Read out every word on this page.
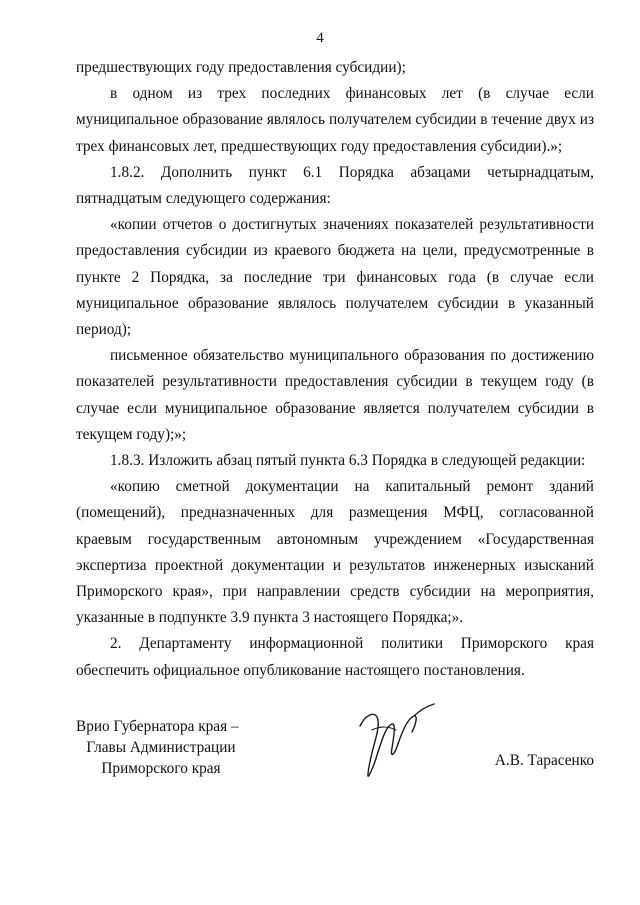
4

предшествующих году предоставления субсидии);

в одном из трех последних финансовых лет (в случае если муниципальное образование являлось получателем субсидии в течение двух из трех финансовых лет, предшествующих году предоставления субсидии).»;

1.8.2. Дополнить пункт 6.1 Порядка абзацами четырнадцатым, пятнадцатым следующего содержания:

«копии отчетов о достигнутых значениях показателей результативности предоставления субсидии из краевого бюджета на цели, предусмотренные в пункте 2 Порядка, за последние три финансовых года (в случае если муниципальное образование являлось получателем субсидии в указанный период);

письменное обязательство муниципального образования по достижению показателей результативности предоставления субсидии в текущем году (в случае если муниципальное образование является получателем субсидии в текущем году);»;

1.8.3. Изложить абзац пятый пункта 6.3 Порядка в следующей редакции:

«копию сметной документации на капитальный ремонт зданий (помещений), предназначенных для размещения МФЦ, согласованной краевым государственным автономным учреждением «Государственная экспертиза проектной документации и результатов инженерных изысканий Приморского края», при направлении средств субсидии на мероприятия, указанные в подпункте 3.9 пункта 3 настоящего Порядка;».

2. Департаменту информационной политики Приморского края обеспечить официальное опубликование настоящего постановления.

Врио Губернатора края –
Главы Администрации
Приморского края	А.В. Тарасенко
